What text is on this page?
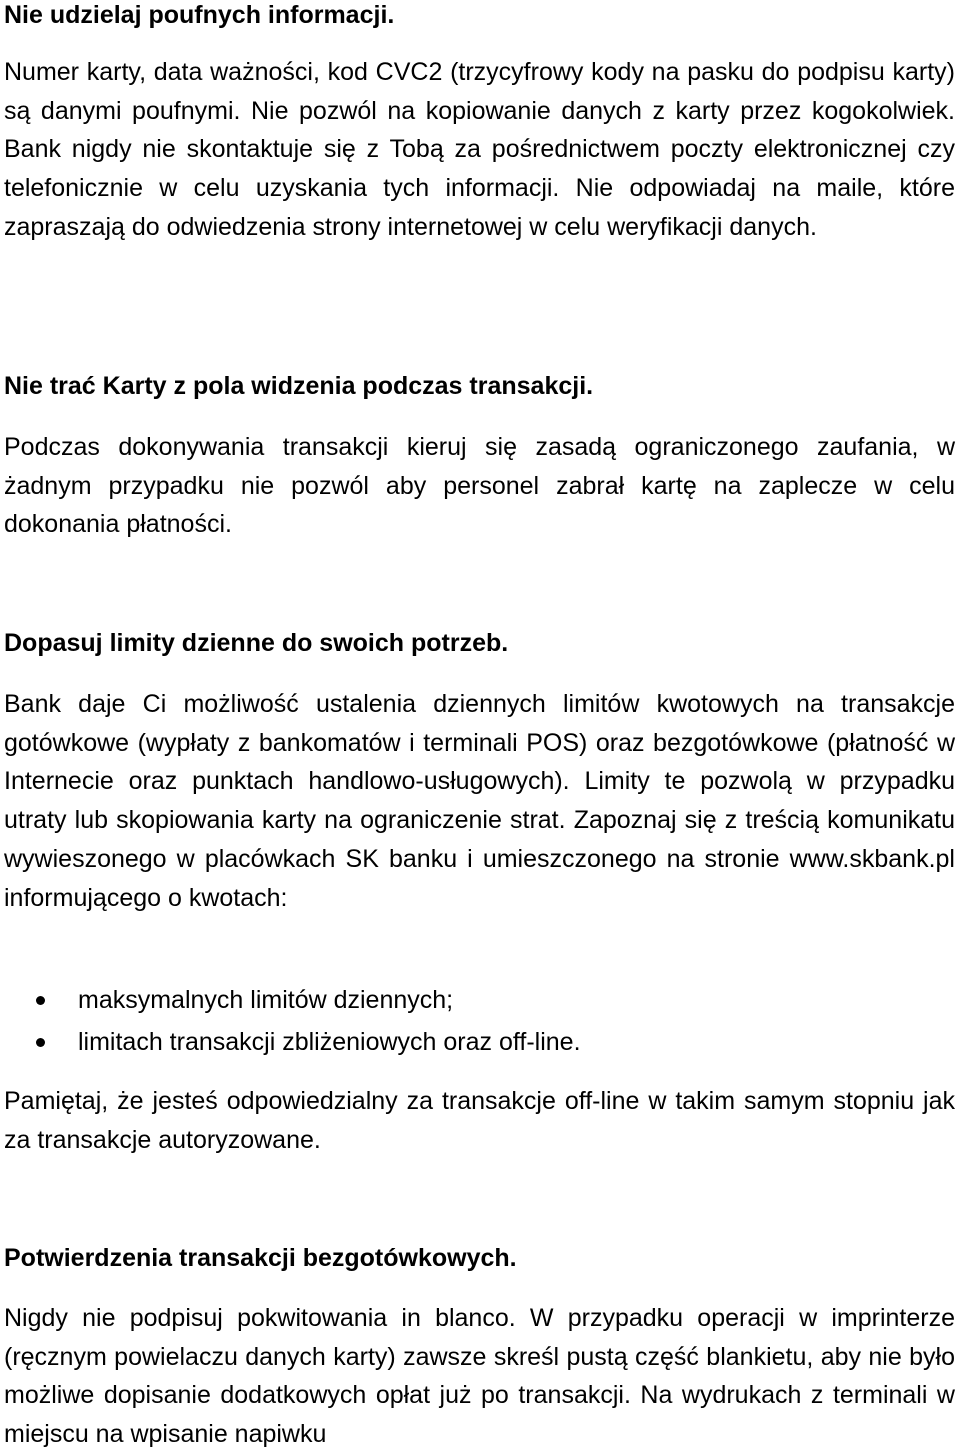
Nie udzielaj poufnych informacji.

Numer karty, data ważności, kod CVC2 (trzycyfrowy kody na pasku do podpisu karty) są danymi poufnymi. Nie pozwól na kopiowanie danych z karty przez kogokolwiek. Bank nigdy nie skontaktuje się z Tobą za pośrednictwem poczty elektronicznej czy telefonicznie w celu uzyskania tych informacji. Nie odpowiadaj na maile, które zapraszają do odwiedzenia strony internetowej w celu weryfikacji danych.

Nie trać Karty z pola widzenia podczas transakcji.

Podczas dokonywania transakcji kieruj się zasadą ograniczonego zaufania, w żadnym przypadku nie pozwól aby personel zabrał kartę na zaplecze w celu dokonania płatności.

Dopasuj limity dzienne do swoich potrzeb.

Bank daje Ci możliwość ustalenia dziennych limitów kwotowych na transakcje gotówkowe (wypłaty z bankomatów i terminali POS) oraz bezgotówkowe (płatność w Internecie oraz punktach handlowo-usługowych). Limity te pozwolą w przypadku utraty lub skopiowania karty na ograniczenie strat. Zapoznaj się z treścią komunikatu wywieszonego w placówkach SK banku i umieszczonego na stronie www.skbank.pl informującego o kwotach:

maksymalnych limitów dziennych;
limitach transakcji zbliżeniowych oraz off-line.

Pamiętaj, że jesteś odpowiedzialny za transakcje off-line w takim samym stopniu jak za transakcje autoryzowane.

Potwierdzenia transakcji bezgotówkowych.

Nigdy nie podpisuj pokwitowania in blanco. W przypadku operacji w imprinterze (ręcznym powielaczu danych karty) zawsze skreśl pustą część blankietu, aby nie było możliwe dopisanie dodatkowych opłat już po transakcji. Na wydrukach z terminali w miejscu na wpisanie napiwku
